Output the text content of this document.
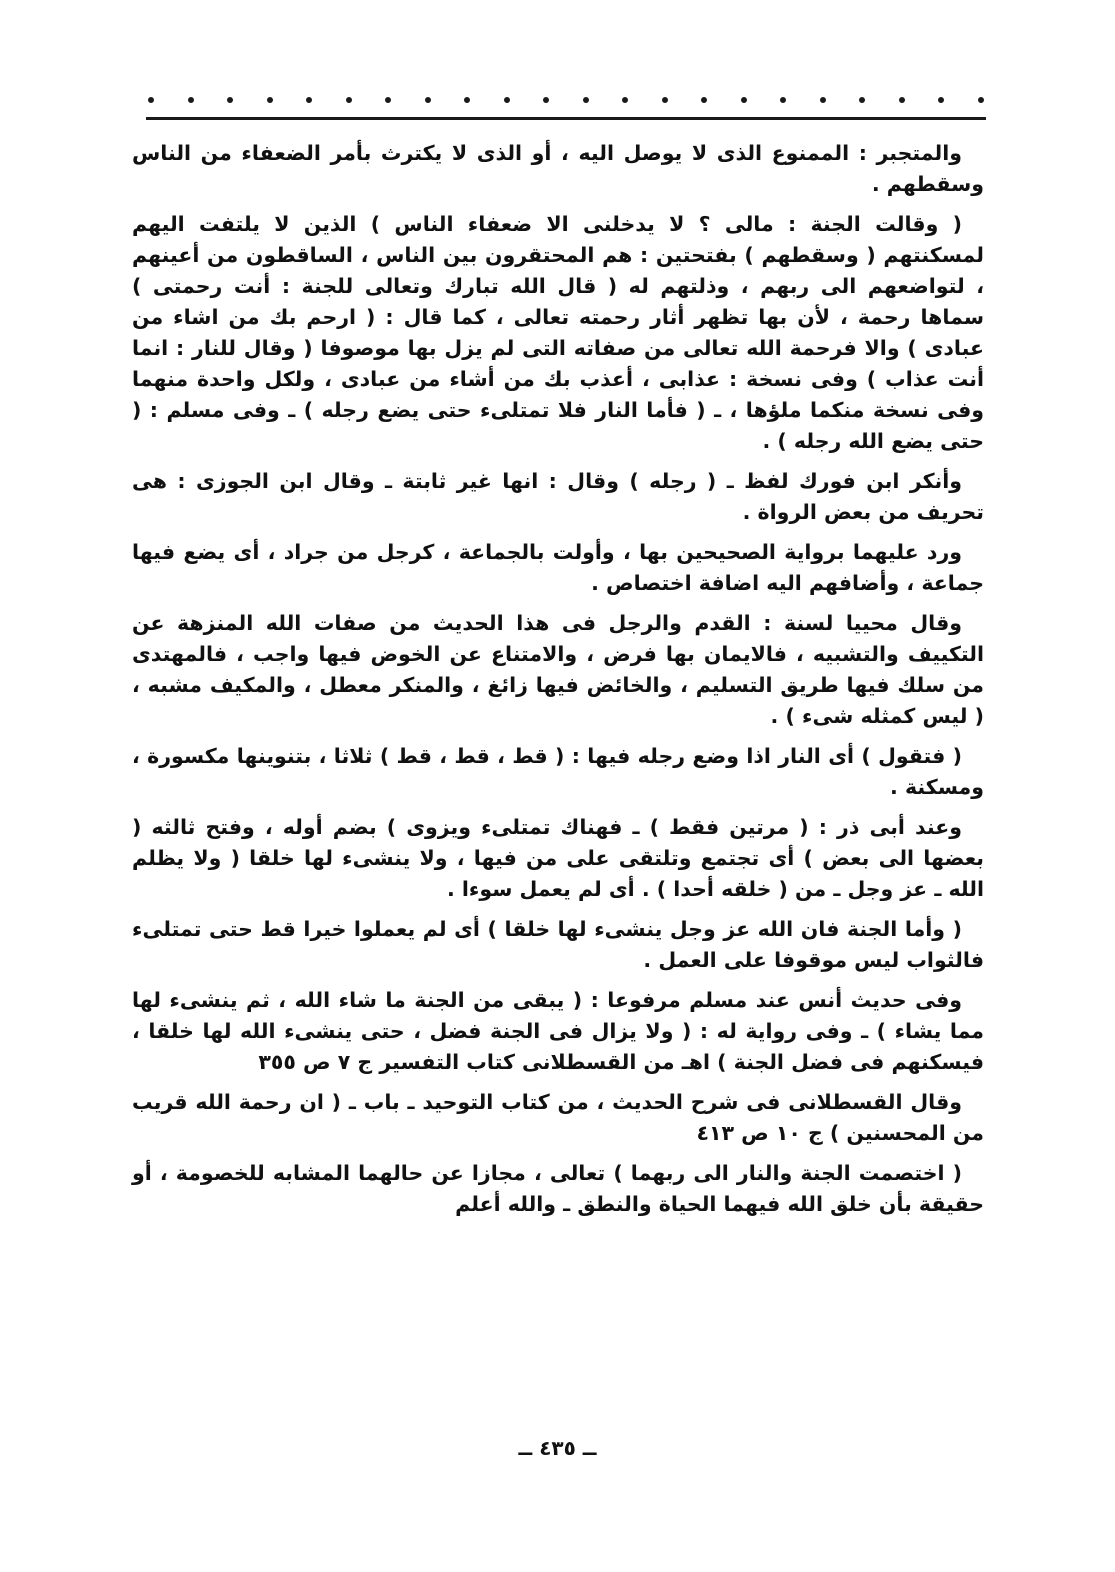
والمتجبر : الممنوع الذى لا يوصل اليه ، أو الذى لا يكترث بأمر الضعفاء من الناس وسقطهم .

( وقالت الجنة : مالى ؟ لا يدخلنى الا ضعفاء الناس ) الذين لا يلتفت اليهم لمسكنتهم ( وسقطهم ) بفتحتين : هم المحتقرون بين الناس ، الساقطون من أعينهم ، لتواضعهم الى ربهم ، وذلتهم له ( قال الله تبارك وتعالى للجنة : أنت رحمتى ) سماها رحمة ، لأن بها تظهر أثار رحمته تعالى ، كما قال : ( ارحم بك من اشاء من عبادى ) والا فرحمة الله تعالى من صفاته التى لم يزل بها موصوفا ( وقال للنار : انما أنت عذاب ) وفى نسخة : عذابى ، أعذب بك من أشاء من عبادى ، ولكل واحدة منهما وفى نسخة منكما ملؤها ، ـ ( فأما النار فلا تمتلىء حتى يضع رجله ) ـ وفى مسلم : ( حتى يضع الله رجله ) .

وأنكر ابن فورك لفظ ـ ( رجله ) وقال : انها غير ثابتة ـ وقال ابن الجوزى : هى تحريف من بعض الرواة .

ورد عليهما برواية الصحيحين بها ، وأولت بالجماعة ، كرجل من جراد ، أى يضع فيها جماعة ، وأضافهم اليه اضافة اختصاص .

وقال محييا لسنة : القدم والرجل فى هذا الحديث من صفات الله المنزهة عن التكييف والتشبيه ، فالايمان بها فرض ، والامتناع عن الخوض فيها واجب ، فالمهتدى من سلك فيها طريق التسليم ، والخائض فيها زائغ ، والمنكر معطل ، والمكيف مشبه ، ( ليس كمثله شىء ) .

( فتقول ) أى النار اذا وضع رجله فيها : ( قط ، قط ، قط ) ثلاثا ، بتنوينها مكسورة ، ومسكنة .

وعند أبى ذر : ( مرتين فقط ) ـ فهناك تمتلىء ويزوى ) بضم أوله ، وفتح ثالثه ( بعضها الى بعض ) أى تجتمع وتلتقى على من فيها ، ولا ينشىء لها خلقا ( ولا يظلم الله ـ عز وجل ـ من ( خلقه أحدا ) . أى لم يعمل سوءا .

( وأما الجنة فان الله عز وجل ينشىء لها خلقا ) أى لم يعملوا خيرا قط حتى تمتلىء فالثواب ليس موقوفا على العمل .

وفى حديث أنس عند مسلم مرفوعا : ( يبقى من الجنة ما شاء الله ، ثم ينشىء لها مما يشاء ) ـ وفى رواية له : ( ولا يزال فى الجنة فضل ، حتى ينشىء الله لها خلقا ، فيسكنهم فى فضل الجنة ) اهـ من القسطلانى كتاب التفسير ج ٧ ص ٣٥٥

وقال القسطلانى فى شرح الحديث ، من كتاب التوحيد ـ باب ـ ( ان رحمة الله قريب من المحسنين ) ج ١٠ ص ٤١٣

( اختصمت الجنة والنار الى ربهما ) تعالى ، مجازا عن حالهما المشابه للخصومة ، أو حقيقة بأن خلق الله فيهما الحياة والنطق ـ والله أعلم

ــ ٤٣٥ ــ
